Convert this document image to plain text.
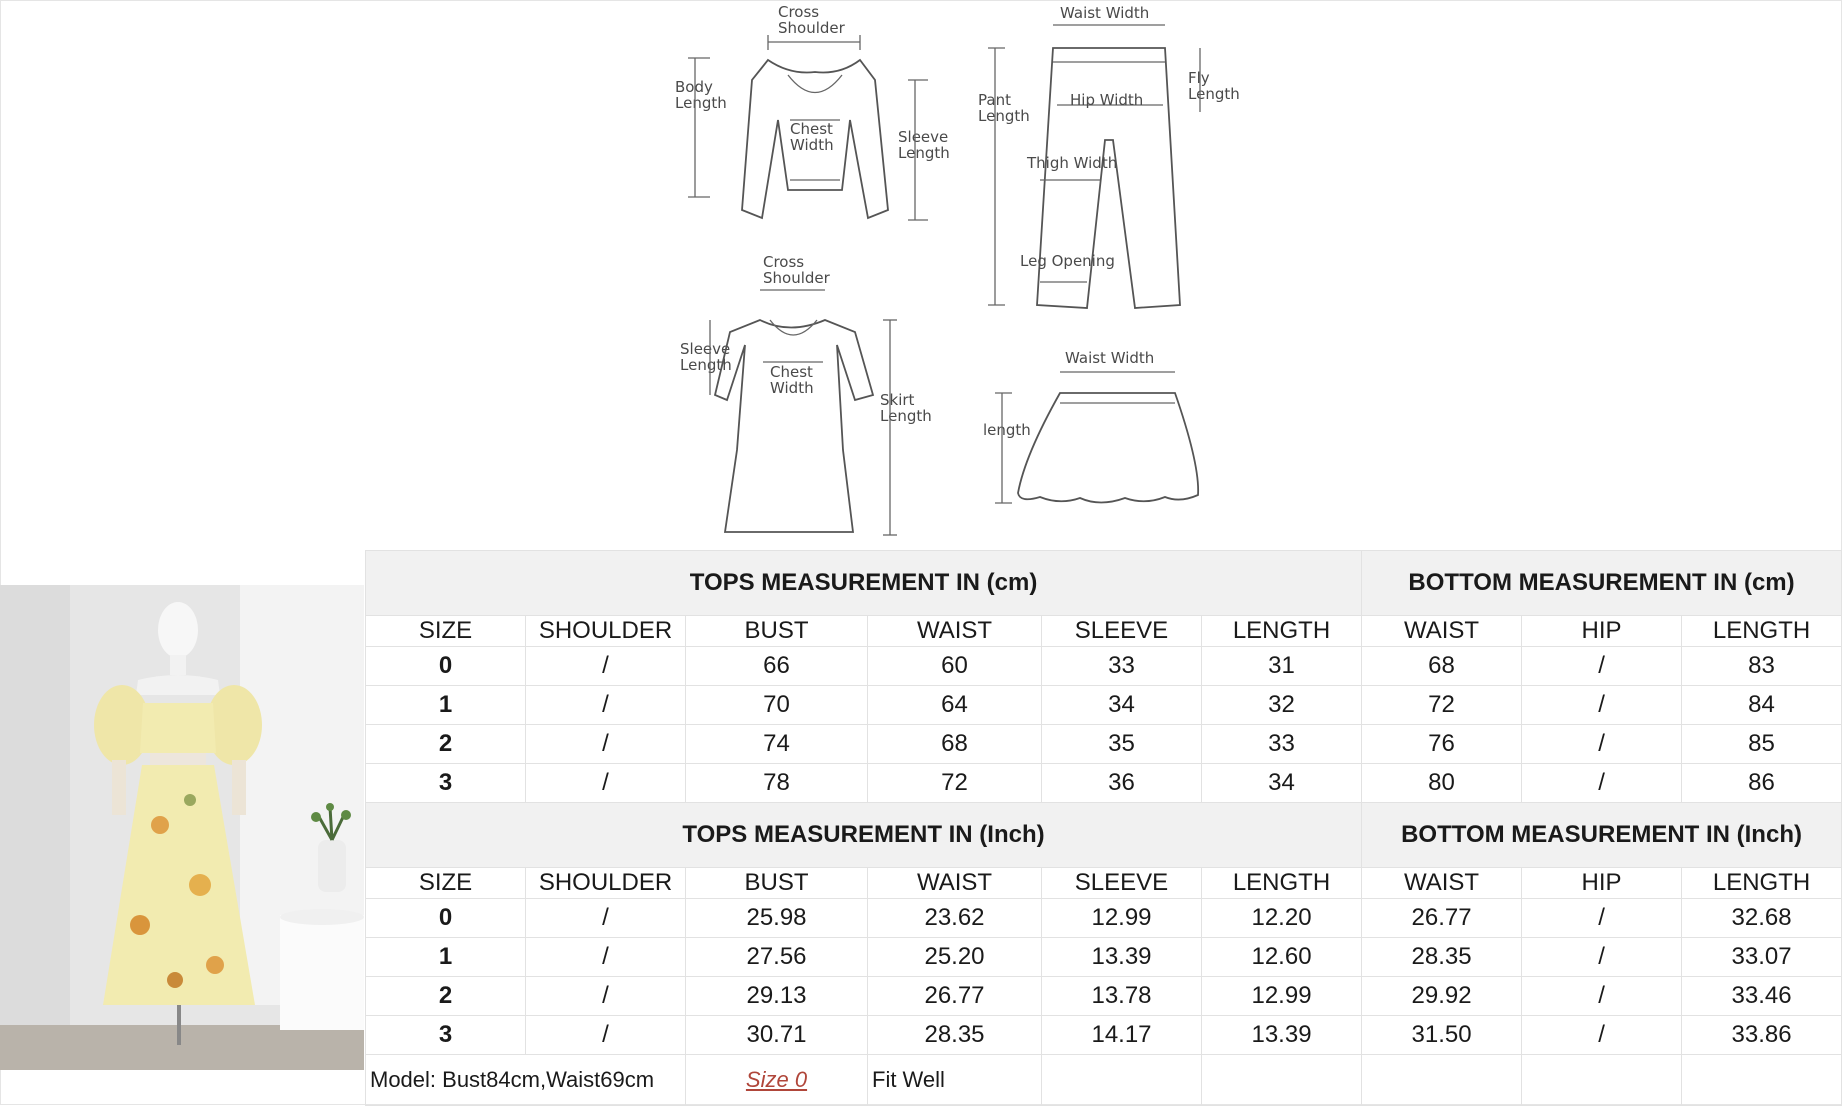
Cross
Shoulder
Body
Length
Chest
Width	Sleeve
Length
Waist Width
Pant
Length
Hip Width
Fly
Length
Thigh Width
Leg Opening
Cross
Shoulder
Sleeve
Length	Chest
Width
Skirt
Length
Waist Width
length
TOPS MEASUREMENT IN (cm)						BOTTOM MEASUREMENT IN (cm)		
SIZE	SHOULDER	BUST	WAIST	SLEEVE	LENGTH	WAIST	HIP	LENGTH
0	/	66	60	33	31	68	/	83
1	/	70	64	34	32	72	/	84
2	/	74	68	35	33	76	/	85
3	/	78	72	36	34	80	/	86
TOPS MEASUREMENT IN (Inch)						BOTTOM MEASUREMENT IN (Inch)		
SIZE	SHOULDER	BUST	WAIST	SLEEVE	LENGTH	WAIST	HIP	LENGTH
0	/	25.98	23.62	12.99	12.20	26.77	/	32.68
1	/	27.56	25.20	13.39	12.60	28.35	/	33.07
2	/	29.13	26.77	13.78	12.99	29.92	/	33.46
3	/	30.71	28.35	14.17	13.39	31.50	/	33.86
Model: Bust84cm,Waist69cm		Size 0	Fit Well					
